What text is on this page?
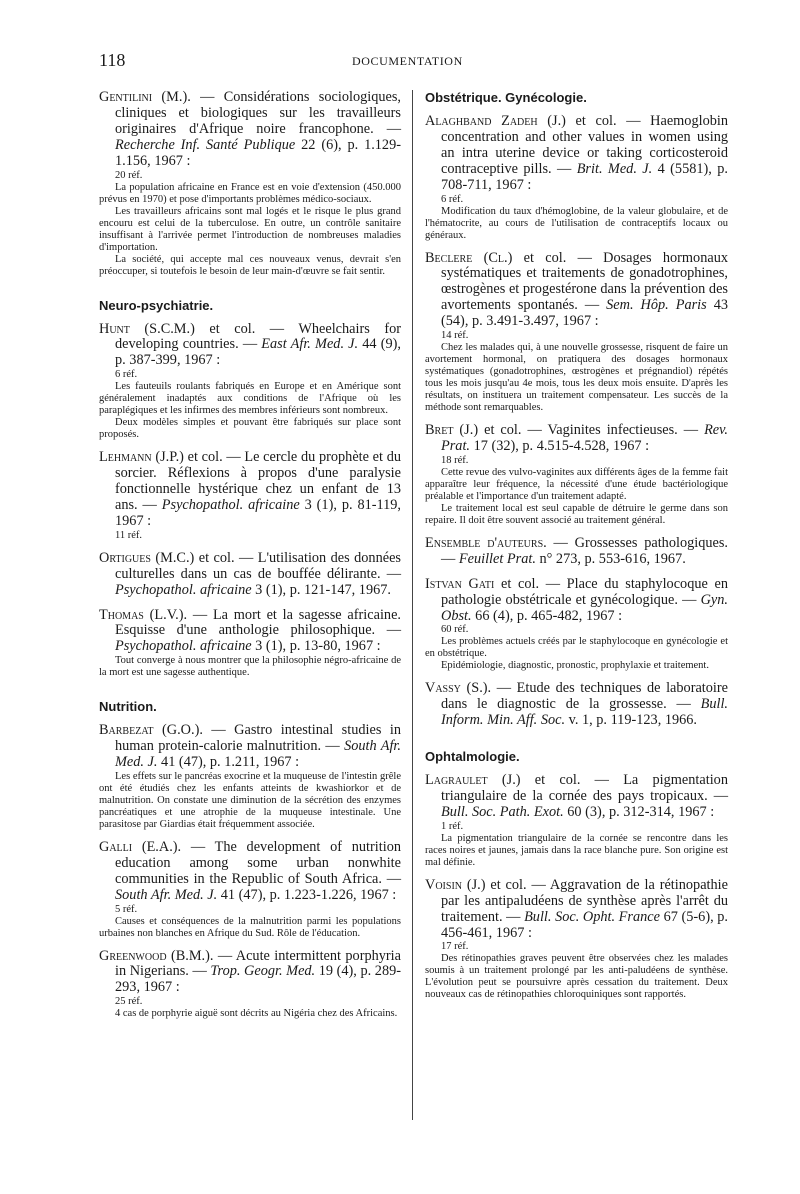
118	DOCUMENTATION

Gentilini (M.). — Considérations sociologiques, cliniques et biologiques sur les travailleurs originaires d'Afrique noire francophone. — Recherche Inf. Santé Publique 22 (6), p. 1.129-1.156, 1967 :

20 réf.

La population africaine en France est en voie d'extension (450.000 prévus en 1970) et pose d'importants problèmes médico-sociaux.

Les travailleurs africains sont mal logés et le risque le plus grand encouru est celui de la tuberculose. En outre, un contrôle sanitaire insuffisant à l'arrivée permet l'introduction de nombreuses maladies d'importation.

La société, qui accepte mal ces nouveaux venus, devrait s'en préoccuper, si toutefois le besoin de leur main-d'œuvre se fait sentir.

Neuro-psychiatrie.

Hunt (S.C.M.) et col. — Wheelchairs for developing countries. — East Afr. Med. J. 44 (9), p. 387-399, 1967 :

6 réf.

Les fauteuils roulants fabriqués en Europe et en Amérique sont généralement inadaptés aux conditions de l'Afrique où les paraplégiques et les infirmes des membres inférieurs sont nombreux.

Deux modèles simples et pouvant être fabriqués sur place sont proposés.

Lehmann (J.P.) et col. — Le cercle du prophète et du sorcier. Réflexions à propos d'une paralysie fonctionnelle hystérique chez un enfant de 13 ans. — Psychopathol. africaine 3 (1), p. 81-119, 1967 :

11 réf.

Ortigues (M.C.) et col. — L'utilisation des données culturelles dans un cas de bouffée délirante. — Psychopathol. africaine 3 (1), p. 121-147, 1967.

Thomas (L.V.). — La mort et la sagesse africaine. Esquisse d'une anthologie philosophique. — Psychopathol. africaine 3 (1), p. 13-80, 1967 :

Tout converge à nous montrer que la philosophie négro-africaine de la mort est une sagesse authentique.

Nutrition.

Barbezat (G.O.). — Gastro intestinal studies in human protein-calorie malnutrition. — South Afr. Med. J. 41 (47), p. 1.211, 1967 :

Les effets sur le pancréas exocrine et la muqueuse de l'intestin grêle ont été étudiés chez les enfants atteints de kwashiorkor et de malnutrition. On constate une diminution de la sécrétion des enzymes pancréatiques et une atrophie de la muqueuse intestinale. Une parasitose par Giardias était fréquemment associée.

Galli (E.A.). — The development of nutrition education among some urban nonwhite communities in the Republic of South Africa. — South Afr. Med. J. 41 (47), p. 1.223-1.226, 1967 :

5 réf.

Causes et conséquences de la malnutrition parmi les populations urbaines non blanches en Afrique du Sud. Rôle de l'éducation.

Greenwood (B.M.). — Acute intermittent porphyria in Nigerians. — Trop. Geogr. Med. 19 (4), p. 289-293, 1967 :

25 réf.

4 cas de porphyrie aiguë sont décrits au Nigéria chez des Africains.

Obstétrique. Gynécologie.

Alaghband Zadeh (J.) et col. — Haemoglobin concentration and other values in women using an intra uterine device or taking corticosteroid contraceptive pills. — Brit. Med. J. 4 (5581), p. 708-711, 1967 :

6 réf.

Modification du taux d'hémoglobine, de la valeur globulaire, et de l'hématocrite, au cours de l'utilisation de contraceptifs locaux ou généraux.

Beclere (Cl.) et col. — Dosages hormonaux systématiques et traitements de gonadotrophines, œstrogènes et progestérone dans la prévention des avortements spontanés. — Sem. Hôp. Paris 43 (54), p. 3.491-3.497, 1967 :

14 réf.

Chez les malades qui, à une nouvelle grossesse, risquent de faire un avortement hormonal, on pratiquera des dosages hormonaux systématiques (gonadotrophines, œstrogènes et prégnandiol) répétés tous les mois jusqu'au 4e mois, tous les deux mois ensuite. D'après les résultats, on instituera un traitement compensateur. Les succès de la méthode sont remarquables.

Bret (J.) et col. — Vaginites infectieuses. — Rev. Prat. 17 (32), p. 4.515-4.528, 1967 :

18 réf.

Cette revue des vulvo-vaginites aux différents âges de la femme fait apparaître leur fréquence, la nécessité d'une étude bactériologique préalable et l'importance d'un traitement adapté.

Le traitement local est seul capable de détruire le germe dans son repaire. Il doit être souvent associé au traitement général.

Ensemble d'auteurs. — Grossesses pathologiques. — Feuillet Prat. n° 273, p. 553-616, 1967.

Istvan Gati et col. — Place du staphylocoque en pathologie obstétricale et gynécologique. — Gyn. Obst. 66 (4), p. 465-482, 1967 :

60 réf.

Les problèmes actuels créés par le staphylocoque en gynécologie et en obstétrique.

Epidémiologie, diagnostic, pronostic, prophylaxie et traitement.

Vassy (S.). — Etude des techniques de laboratoire dans le diagnostic de la grossesse. — Bull. Inform. Min. Aff. Soc. v. 1, p. 119-123, 1966.

Ophtalmologie.

Lagraulet (J.) et col. — La pigmentation triangulaire de la cornée des pays tropicaux. — Bull. Soc. Path. Exot. 60 (3), p. 312-314, 1967 :

1 réf.

La pigmentation triangulaire de la cornée se rencontre dans les races noires et jaunes, jamais dans la race blanche pure. Son origine est mal définie.

Voisin (J.) et col. — Aggravation de la rétinopathie par les antipaludéens de synthèse après l'arrêt du traitement. — Bull. Soc. Opht. France 67 (5-6), p. 456-461, 1967 :

17 réf.

Des rétinopathies graves peuvent être observées chez les malades soumis à un traitement prolongé par les anti-paludéens de synthèse. L'évolution peut se poursuivre après cessation du traitement. Deux nouveaux cas de rétinopathies chloroquiniques sont rapportés.
